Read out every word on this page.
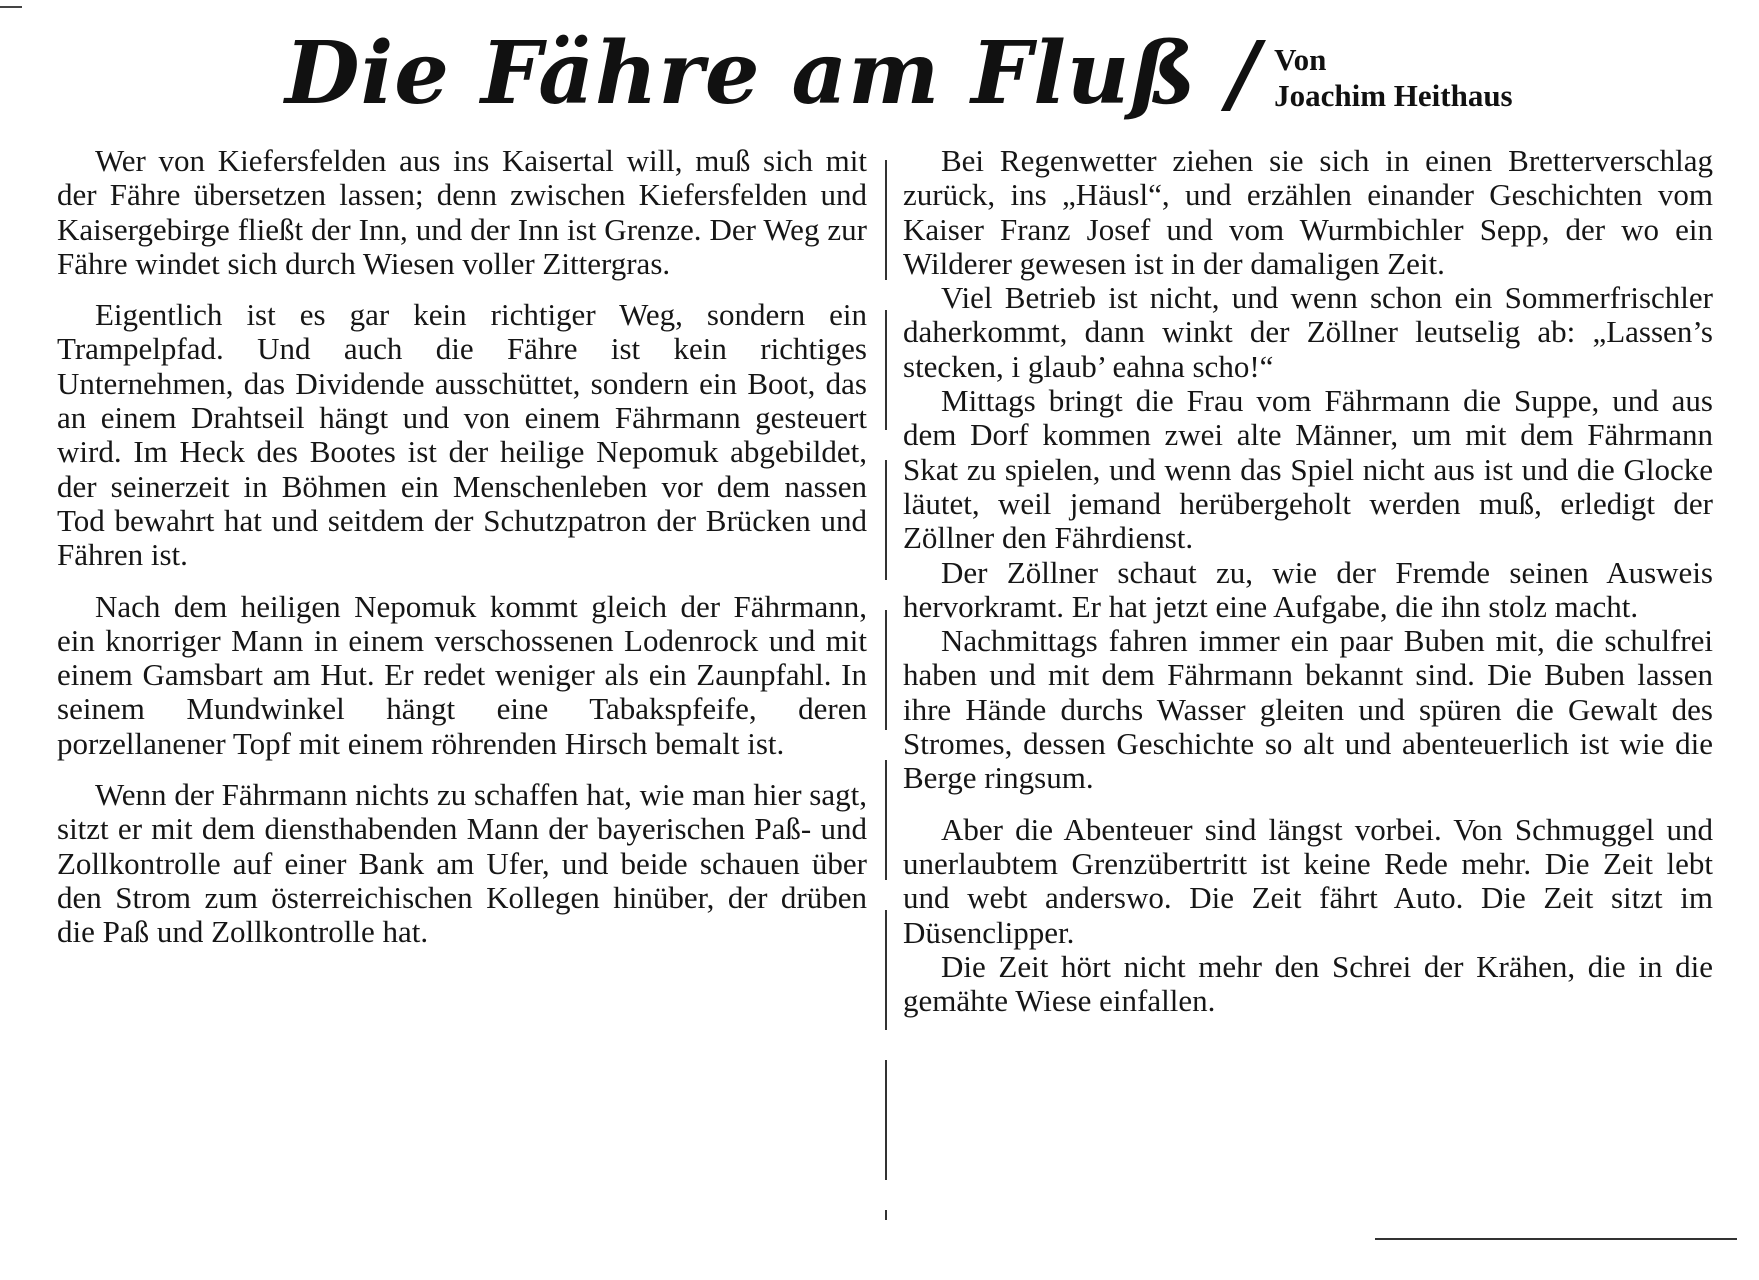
Die Fähre am Fluß / Von
Joachim Heithaus

Wer von Kiefersfelden aus ins Kaisertal will, muß sich mit der Fähre übersetzen lassen; denn zwischen Kiefersfelden und Kaisergebirge fließt der Inn, und der Inn ist Grenze. Der Weg zur Fähre windet sich durch Wiesen voller Zittergras.

Eigentlich ist es gar kein richtiger Weg, sondern ein Trampelpfad. Und auch die Fähre ist kein richtiges Unternehmen, das Dividende ausschüttet, sondern ein Boot, das an einem Drahtseil hängt und von einem Fährmann gesteuert wird. Im Heck des Bootes ist der heilige Nepomuk abgebildet, der seinerzeit in Böhmen ein Menschenleben vor dem nassen Tod bewahrt hat und seitdem der Schutzpatron der Brücken und Fähren ist.

Nach dem heiligen Nepomuk kommt gleich der Fährmann, ein knorriger Mann in einem verschossenen Lodenrock und mit einem Gamsbart am Hut. Er redet weniger als ein Zaunpfahl. In seinem Mundwinkel hängt eine Tabakspfeife, deren porzellanener Topf mit einem röhrenden Hirsch bemalt ist.

Wenn der Fährmann nichts zu schaffen hat, wie man hier sagt, sitzt er mit dem diensthabenden Mann der bayerischen Paß- und Zollkontrolle auf einer Bank am Ufer, und beide schauen über den Strom zum österreichischen Kollegen hinüber, der drüben die Paß und Zollkontrolle hat.

Bei Regenwetter ziehen sie sich in einen Bretterverschlag zurück, ins „Häusl“, und erzählen einander Geschichten vom Kaiser Franz Josef und vom Wurmbichler Sepp, der wo ein Wilderer gewesen ist in der damaligen Zeit.

Viel Betrieb ist nicht, und wenn schon ein Sommerfrischler daherkommt, dann winkt der Zöllner leutselig ab: „Lassen’s stecken, i glaub’ eahna scho!“

Mittags bringt die Frau vom Fährmann die Suppe, und aus dem Dorf kommen zwei alte Männer, um mit dem Fährmann Skat zu spielen, und wenn das Spiel nicht aus ist und die Glocke läutet, weil jemand herübergeholt werden muß, erledigt der Zöllner den Fährdienst.

Der Zöllner schaut zu, wie der Fremde seinen Ausweis hervorkramt. Er hat jetzt eine Aufgabe, die ihn stolz macht.

Nachmittags fahren immer ein paar Buben mit, die schulfrei haben und mit dem Fährmann bekannt sind. Die Buben lassen ihre Hände durchs Wasser gleiten und spüren die Gewalt des Stromes, dessen Geschichte so alt und abenteuerlich ist wie die Berge ringsum.

Aber die Abenteuer sind längst vorbei. Von Schmuggel und unerlaubtem Grenzübertritt ist keine Rede mehr. Die Zeit lebt und webt anderswo. Die Zeit fährt Auto. Die Zeit sitzt im Düsenclipper.

Die Zeit hört nicht mehr den Schrei der Krähen, die in die gemähte Wiese einfallen.
